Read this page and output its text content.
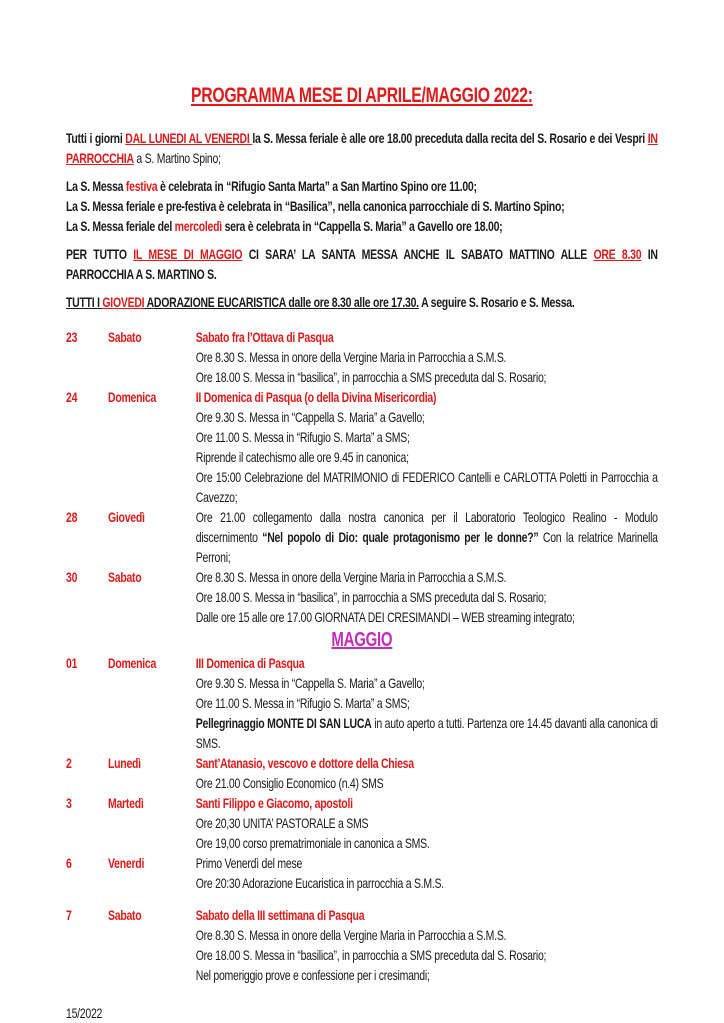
PROGRAMMA MESE DI APRILE/MAGGIO 2022:

Tutti i giorni DAL LUNEDI AL VENERDI la S. Messa feriale è alle ore 18.00 preceduta dalla recita del S. Rosario e dei Vespri IN PARROCCHIA a S. Martino Spino;

La S. Messa festiva è celebrata in “Rifugio Santa Marta” a San Martino Spino ore 11.00;
La S. Messa feriale e pre-festiva è celebrata in “Basilica”, nella canonica parrocchiale di S. Martino Spino;
La S. Messa feriale del mercoledì sera è celebrata in “Cappella S. Maria” a Gavello ore 18.00;

PER TUTTO IL MESE DI MAGGIO CI SARA’ LA SANTA MESSA ANCHE IL SABATO MATTINO ALLE ORE 8.30 IN PARROCCHIA A S. MARTINO S.

TUTTI I GIOVEDI ADORAZIONE EUCARISTICA dalle ore 8.30 alle ore 17.30. A seguire S. Rosario e S. Messa.

23	Sabato	Sabato fra l’Ottava di Pasqua
Ore 8.30 S. Messa in onore della Vergine Maria in Parrocchia a S.M.S.
Ore 18.00 S. Messa in “basilica”, in parrocchia a SMS preceduta dal S. Rosario;
24	Domenica	II Domenica di Pasqua (o della Divina Misericordia)
Ore 9.30 S. Messa in “Cappella S. Maria” a Gavello;
Ore 11.00 S. Messa in “Rifugio S. Marta” a SMS;
Riprende il catechismo alle ore 9.45 in canonica;
Ore 15:00 Celebrazione del MATRIMONIO di FEDERICO Cantelli e CARLOTTA Poletti in Parrocchia a Cavezzo;
28	Giovedì	Ore 21.00 collegamento dalla nostra canonica per il Laboratorio Teologico Realino - Modulo discernimento “Nel popolo di Dio: quale protagonismo per le donne?” Con la relatrice Marinella Perroni;
30	Sabato	Ore 8.30 S. Messa in onore della Vergine Maria in Parrocchia a S.M.S.
Ore 18.00 S. Messa in “basilica”, in parrocchia a SMS preceduta dal S. Rosario;
Dalle ore 15 alle ore 17.00 GIORNATA DEI CRESIMANDI – WEB streaming integrato;
MAGGIO
01	Domenica	III Domenica di Pasqua
Ore 9.30 S. Messa in “Cappella S. Maria” a Gavello;
Ore 11.00 S. Messa in “Rifugio S. Marta” a SMS;
Pellegrinaggio MONTE DI SAN LUCA in auto aperto a tutti. Partenza ore 14.45 davanti alla canonica di SMS.
2	Lunedì	Sant’Atanasio, vescovo e dottore della Chiesa
Ore 21.00 Consiglio Economico (n.4) SMS
3	Martedì	Santi Filippo e Giacomo, apostoli
Ore 20,30 UNITA’ PASTORALE a SMS
Ore 19,00 corso prematrimoniale in canonica a SMS.
6	Venerdi	Primo Venerdì del mese
Ore 20:30 Adorazione Eucaristica in parrocchia a S.M.S.
7	Sabato	Sabato della III settimana di Pasqua
Ore 8.30 S. Messa in onore della Vergine Maria in Parrocchia a S.M.S.
Ore 18.00 S. Messa in “basilica”, in parrocchia a SMS preceduta dal S. Rosario;
Nel pomeriggio prove e confessione per i cresimandi;
15/2022
